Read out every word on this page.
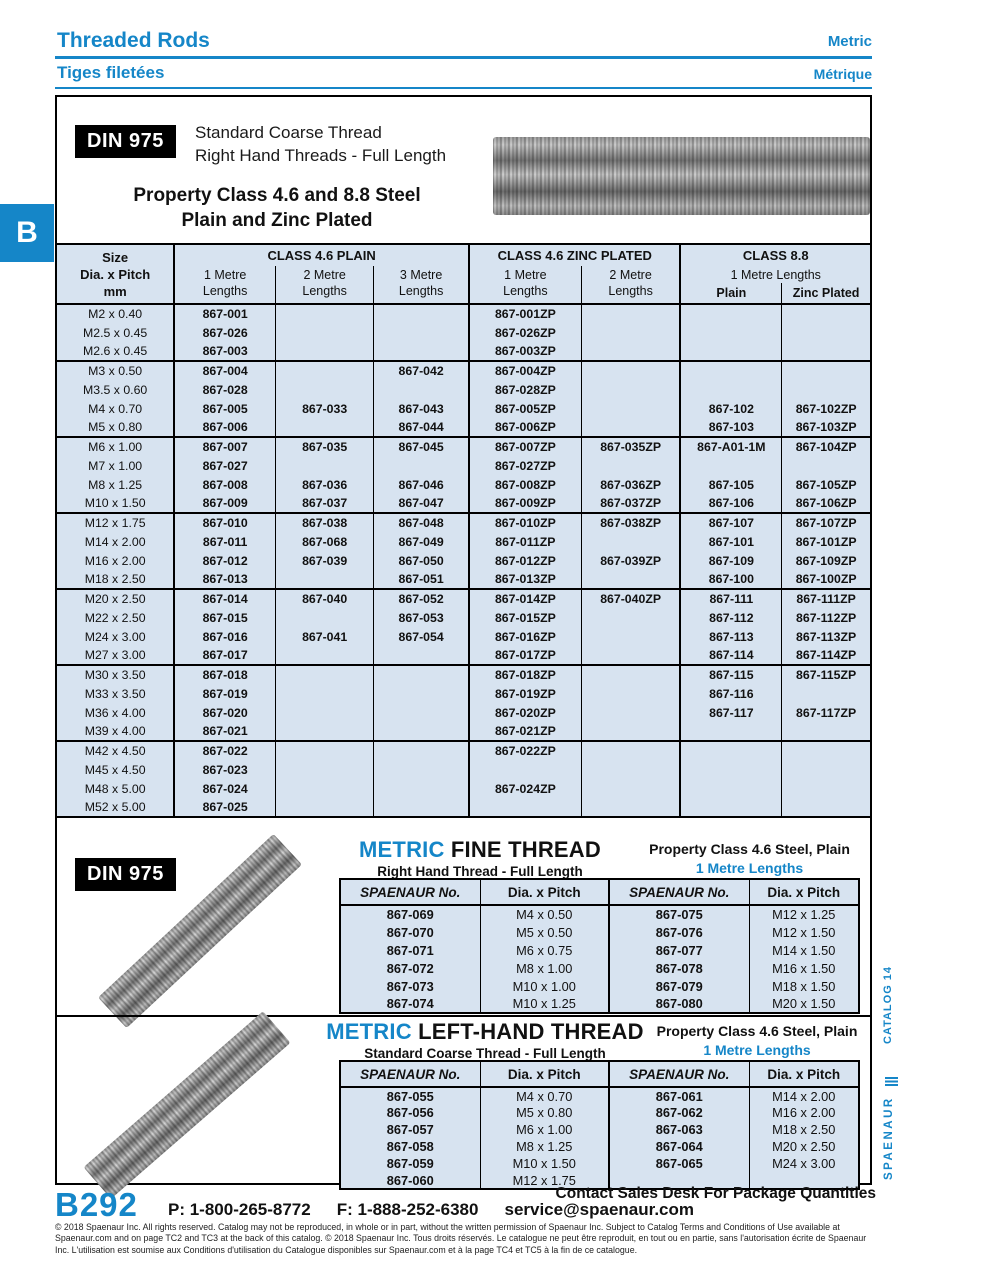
Threaded Rods	Metric
Tiges filetées	Métrique
B
DIN 975	Standard Coarse Thread
Right Hand Threads - Full Length
Property Class 4.6 and 8.8 Steel
Plain and Zinc Plated
Size
Dia. x Pitch
mm	CLASS 4.6 PLAIN			CLASS 4.6 ZINC PLATED		CLASS 8.8	
	1 Metre	2 Metre	3 Metre	1 Metre	2 Metre	1 Metre Lengths	
	Lengths	Lengths	Lengths	Lengths	Lengths	Plain	Zinc Plated
M2 x 0.40	867-001			867-001ZP			
M2.5 x 0.45	867-026			867-026ZP			
M2.6 x 0.45	867-003			867-003ZP			
M3 x 0.50	867-004		867-042	867-004ZP			
M3.5 x 0.60	867-028			867-028ZP			
M4 x 0.70	867-005	867-033	867-043	867-005ZP		867-102	867-102ZP
M5 x 0.80	867-006		867-044	867-006ZP		867-103	867-103ZP
M6 x 1.00	867-007	867-035	867-045	867-007ZP	867-035ZP	867-A01-1M	867-104ZP
M7 x 1.00	867-027			867-027ZP			
M8 x 1.25	867-008	867-036	867-046	867-008ZP	867-036ZP	867-105	867-105ZP
M10 x 1.50	867-009	867-037	867-047	867-009ZP	867-037ZP	867-106	867-106ZP
M12 x 1.75	867-010	867-038	867-048	867-010ZP	867-038ZP	867-107	867-107ZP
M14 x 2.00	867-011	867-068	867-049	867-011ZP		867-101	867-101ZP
M16 x 2.00	867-012	867-039	867-050	867-012ZP	867-039ZP	867-109	867-109ZP
M18 x 2.50	867-013		867-051	867-013ZP		867-100	867-100ZP
M20 x 2.50	867-014	867-040	867-052	867-014ZP	867-040ZP	867-111	867-111ZP
M22 x 2.50	867-015		867-053	867-015ZP		867-112	867-112ZP
M24 x 3.00	867-016	867-041	867-054	867-016ZP		867-113	867-113ZP
M27 x 3.00	867-017			867-017ZP		867-114	867-114ZP
M30 x 3.50	867-018			867-018ZP		867-115	867-115ZP
M33 x 3.50	867-019			867-019ZP		867-116	
M36 x 4.00	867-020			867-020ZP		867-117	867-117ZP
M39 x 4.00	867-021			867-021ZP			
M42 x 4.50	867-022			867-022ZP			
M45 x 4.50	867-023						
M48 x 5.00	867-024			867-024ZP			
M52 x 5.00	867-025						
DIN 975
METRIC FINE THREAD
Right Hand Thread - Full Length
Property Class 4.6 Steel, Plain
1 Metre Lengths
SPAENAUR No.	Dia. x Pitch	SPAENAUR No.	Dia. x Pitch
867-069	M4 x 0.50	867-075	M12 x 1.25
867-070	M5 x 0.50	867-076	M12 x 1.50
867-071	M6 x 0.75	867-077	M14 x 1.50
867-072	M8 x 1.00	867-078	M16 x 1.50
867-073	M10 x 1.00	867-079	M18 x 1.50
867-074	M10 x 1.25	867-080	M20 x 1.50
METRIC LEFT-HAND THREAD
Standard Coarse Thread - Full Length
Property Class 4.6 Steel, Plain
1 Metre Lengths
SPAENAUR No.	Dia. x Pitch	SPAENAUR No.	Dia. x Pitch
867-055	M4 x 0.70	867-061	M14 x 2.00
867-056	M5 x 0.80	867-062	M16 x 2.00
867-057	M6 x 1.00	867-063	M18 x 2.50
867-058	M8 x 1.25	867-064	M20 x 2.50
867-059	M10 x 1.50	867-065	M24 x 3.00
867-060	M12 x 1.75		
CATALOG 14
SPAENAUR
B292 P: 1-800-265-8772 F: 1-888-252-6380 service@spaenaur.com
Contact Sales Desk For Package Quantities
© 2018 Spaenaur Inc. All rights reserved. Catalog may not be reproduced, in whole or in part, without the written permission of Spaenaur Inc. Subject to Catalog Terms and Conditions of Use available at Spaenaur.com and on page TC2 and TC3 at the back of this catalog. © 2018 Spaenaur Inc. Tous droits réservés. Le catalogue ne peut être reproduit, en tout ou en partie, sans l'autorisation écrite de Spaenaur Inc. L'utilisation est soumise aux Conditions d'utilisation du Catalogue disponibles sur Spaenaur.com et à la page TC4 et TC5 à la fin de ce catalogue.
